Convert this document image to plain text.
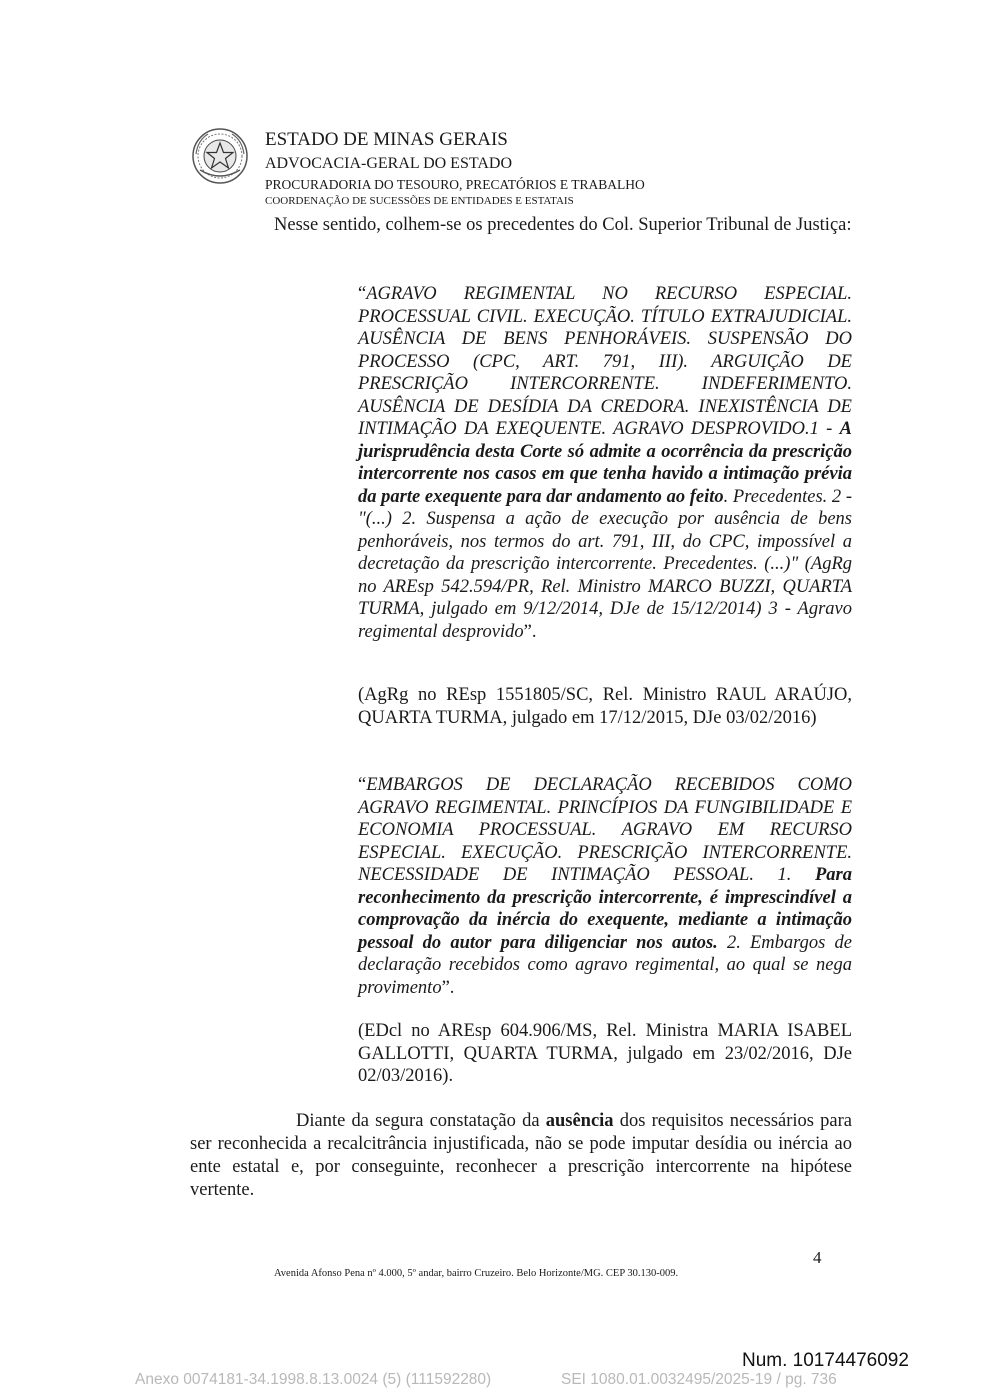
ESTADO DE MINAS GERAIS
ADVOCACIA-GERAL DO ESTADO
PROCURADORIA DO TESOURO, PRECATÓRIOS E TRABALHO
COORDENAÇÃO DE SUCESSÕES DE ENTIDADES E ESTATAIS

Nesse sentido, colhem-se os precedentes do Col. Superior Tribunal de Justiça:

“AGRAVO REGIMENTAL NO RECURSO ESPECIAL. PROCESSUAL CIVIL. EXECUÇÃO. TÍTULO EXTRAJUDICIAL. AUSÊNCIA DE BENS PENHORÁVEIS. SUSPENSÃO DO PROCESSO (CPC, ART. 791, III). ARGUIÇÃO DE PRESCRIÇÃO INTERCORRENTE. INDEFERIMENTO. AUSÊNCIA DE DESÍDIA DA CREDORA. INEXISTÊNCIA DE INTIMAÇÃO DA EXEQUENTE. AGRAVO DESPROVIDO.1 - A jurisprudência desta Corte só admite a ocorrência da prescrição intercorrente nos casos em que tenha havido a intimação prévia da parte exequente para dar andamento ao feito. Precedentes. 2 - "(...) 2. Suspensa a ação de execução por ausência de bens penhoráveis, nos termos do art. 791, III, do CPC, impossível a decretação da prescrição intercorrente. Precedentes. (...)" (AgRg no AREsp 542.594/PR, Rel. Ministro MARCO BUZZI, QUARTA TURMA, julgado em 9/12/2014, DJe de 15/12/2014) 3 - Agravo regimental desprovido”.
(AgRg no REsp 1551805/SC, Rel. Ministro RAUL ARAÚJO, QUARTA TURMA, julgado em 17/12/2015, DJe 03/02/2016)
“EMBARGOS DE DECLARAÇÃO RECEBIDOS COMO AGRAVO REGIMENTAL. PRINCÍPIOS DA FUNGIBILIDADE E ECONOMIA PROCESSUAL. AGRAVO EM RECURSO ESPECIAL. EXECUÇÃO. PRESCRIÇÃO INTERCORRENTE. NECESSIDADE DE INTIMAÇÃO PESSOAL. 1. Para reconhecimento da prescrição intercorrente, é imprescindível a comprovação da inércia do exequente, mediante a intimação pessoal do autor para diligenciar nos autos. 2. Embargos de declaração recebidos como agravo regimental, ao qual se nega provimento”.
(EDcl no AREsp 604.906/MS, Rel. Ministra MARIA ISABEL GALLOTTI, QUARTA TURMA, julgado em 23/02/2016, DJe 02/03/2016).

Diante da segura constatação da ausência dos requisitos necessários para ser reconhecida a recalcitrância injustificada, não se pode imputar desídia ou inércia ao ente estatal e, por conseguinte, reconhecer a prescrição intercorrente na hipótese vertente.

4
Avenida Afonso Pena nº 4.000, 5º andar, bairro Cruzeiro. Belo Horizonte/MG. CEP 30.130-009.
Num. 10174476092
Anexo 0074181-34.1998.8.13.0024 (5) (111592280)	SEI 1080.01.0032495/2025-19 / pg. 736
